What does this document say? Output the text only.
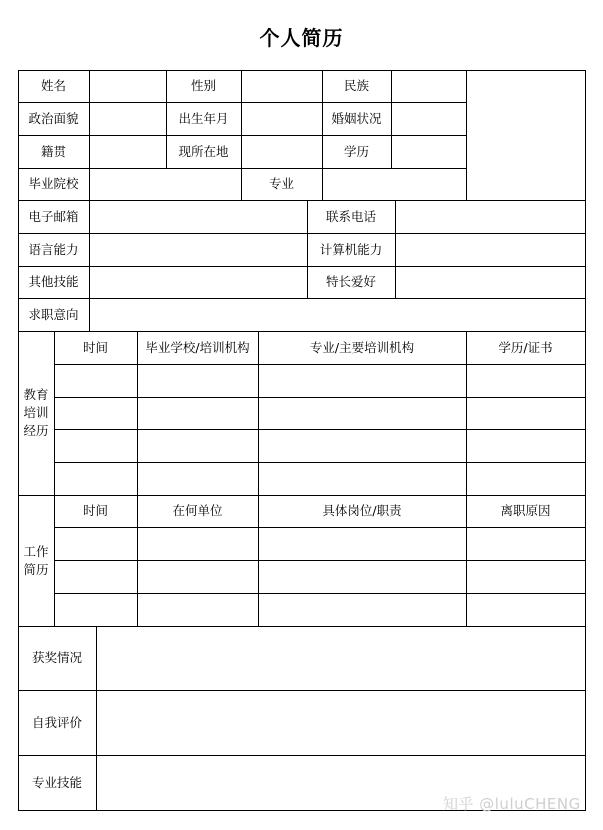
个人简历
姓名	性别	民族
政治面貌	出生年月	婚姻状况
籍贯	现所在地	学历
毕业院校	专业
电子邮箱	联系电话
语言能力	计算机能力
其他技能	特长爱好
求职意向
教育培训经历
时间	毕业学校/培训机构	专业/主要培训机构	学历/证书
工作简历
时间	在何单位	具体岗位/职责	离职原因
获奖情况
自我评价
专业技能
知乎 @luluCHENG
